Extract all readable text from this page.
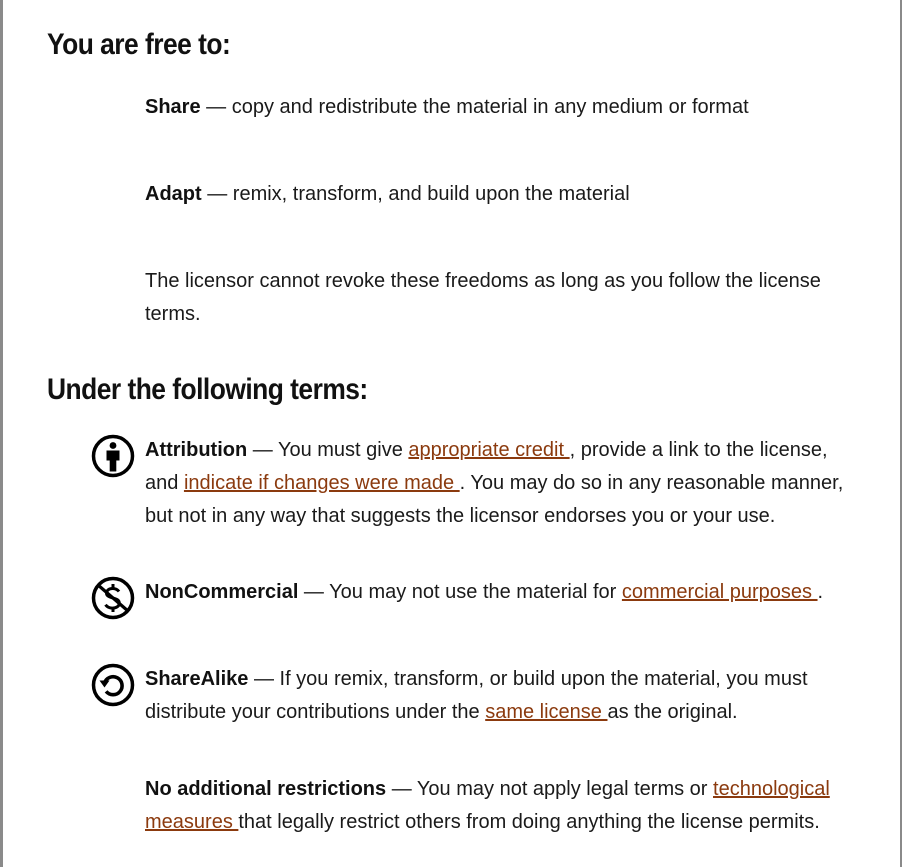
You are free to:
Share — copy and redistribute the material in any medium or format
Adapt — remix, transform, and build upon the material
The licensor cannot revoke these freedoms as long as you follow the license terms.
Under the following terms:
Attribution — You must give appropriate credit , provide a link to the license, and indicate if changes were made . You may do so in any reasonable manner, but not in any way that suggests the licensor endorses you or your use.
NonCommercial — You may not use the material for commercial purposes .
ShareAlike — If you remix, transform, or build upon the material, you must distribute your contributions under the same license as the original.
No additional restrictions — You may not apply legal terms or technological measures that legally restrict others from doing anything the license permits.
